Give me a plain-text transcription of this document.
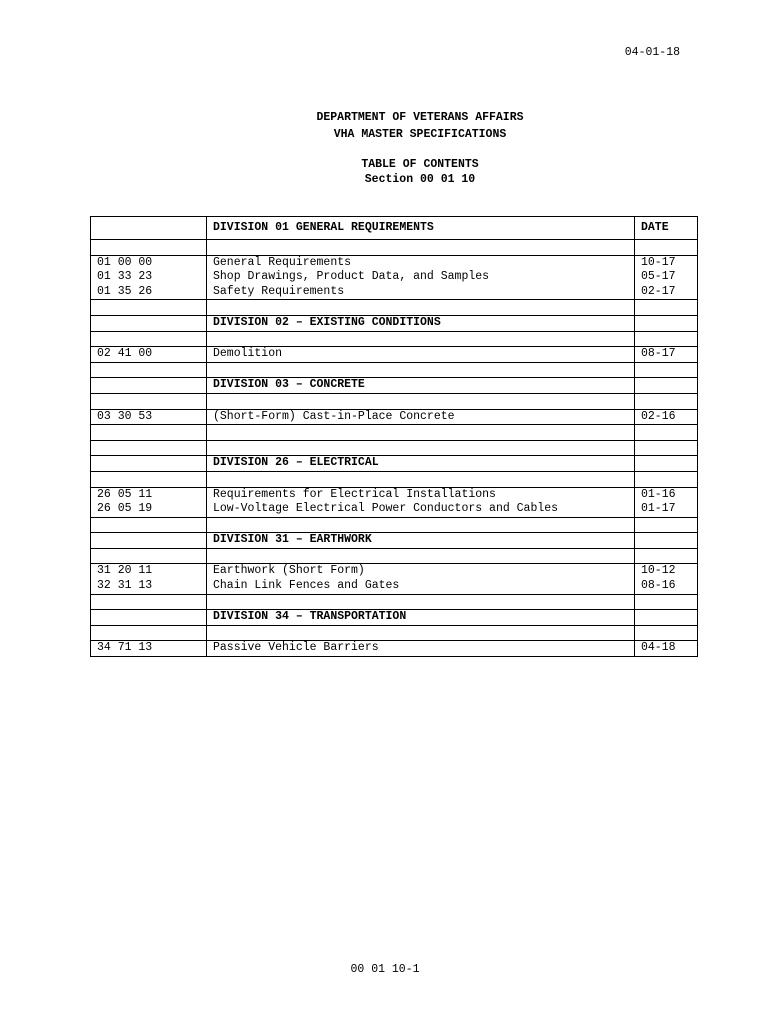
04-01-18
DEPARTMENT OF VETERANS AFFAIRS
VHA MASTER SPECIFICATIONS
TABLE OF CONTENTS
Section 00 01 10
	DIVISION 01 GENERAL REQUIREMENTS	DATE

01 00 00	General Requirements	10-17
01 33 23	Shop Drawings, Product Data, and Samples	05-17
01 35 26	Safety Requirements	02-17

	DIVISION 02 – EXISTING CONDITIONS	

02 41 00	Demolition	08-17

	DIVISION 03 – CONCRETE	

03 30 53	(Short-Form) Cast-in-Place Concrete	02-16

	DIVISION 26 – ELECTRICAL	

26 05 11	Requirements for Electrical Installations	01-16
26 05 19	Low-Voltage Electrical Power Conductors and Cables	01-17

	DIVISION 31 – EARTHWORK	

31 20 11	Earthwork (Short Form)	10-12
32 31 13	Chain Link Fences and Gates	08-16

	DIVISION 34 – TRANSPORTATION	

34 71 13	Passive Vehicle Barriers	04-18
00 01 10-1
